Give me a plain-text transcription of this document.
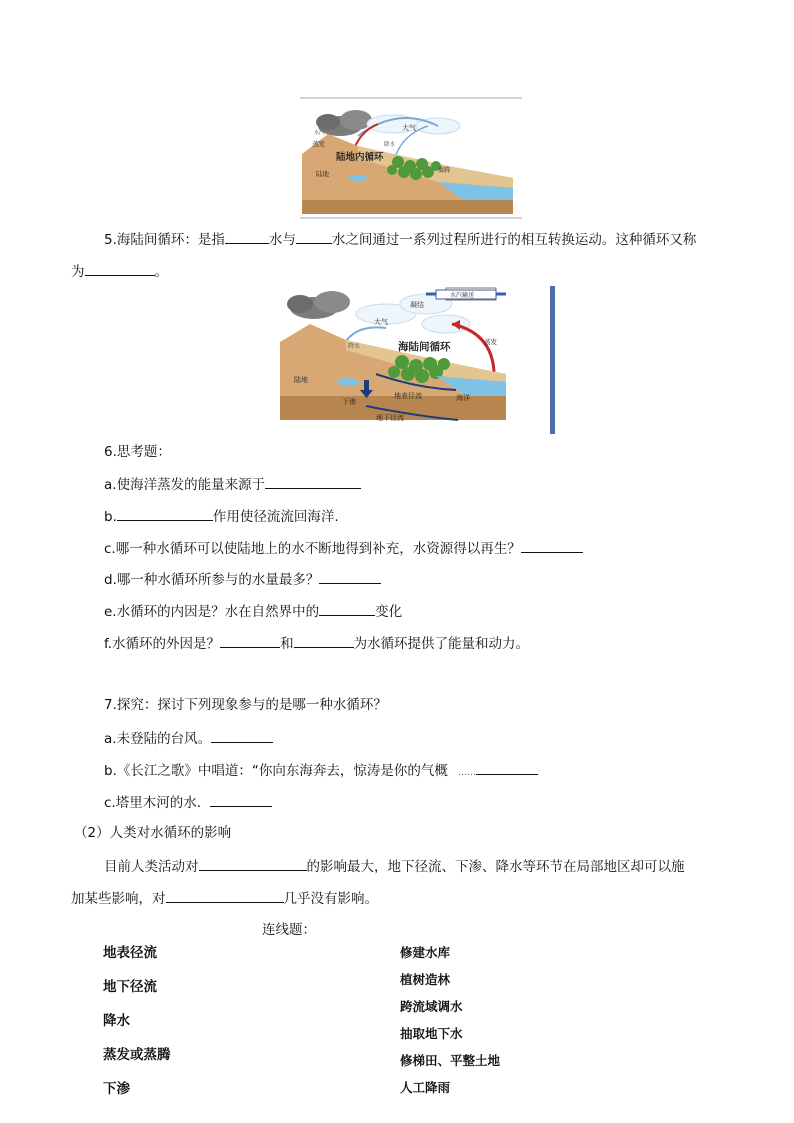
大气
陆地内循环
蒸发
水汽
降水
陆地	蒸腾
5.海陆间循环：是指	水与	水之间通过一系列过程所进行的相互转换运动。这种循环又称
为	。
凝结
水汽输送
大气
海陆间循环	蒸发
降水
陆地
下渗
地表径流
地下径流
海洋
6.思考题：
a.使海洋蒸发的能量来源于
b.	作用使径流流回海洋.
c.哪一种水循环可以使陆地上的水不断地得到补充，水资源得以再生？
d.哪一种水循环所参与的水量最多？
e.水循环的内因是？水在自然界中的	变化
f.水循环的外因是？	和	为水循环提供了能量和动力。
7.探究：探讨下列现象参与的是哪一种水循环？
a.未登陆的台风。
b.《长江之歌》中唱道：“你向东海奔去，惊涛是你的气概 ……
c.塔里木河的水．
（2）人类对水循环的影响
目前人类活动对	的影响最大，地下径流、下渗、降水等环节在局部地区却可以施
加某些影响，对	几乎没有影响。
连线题：
地表径流
地下径流
降水
蒸发或蒸腾
下渗
修建水库
植树造林
跨流域调水
抽取地下水
修梯田、平整土地
人工降雨
